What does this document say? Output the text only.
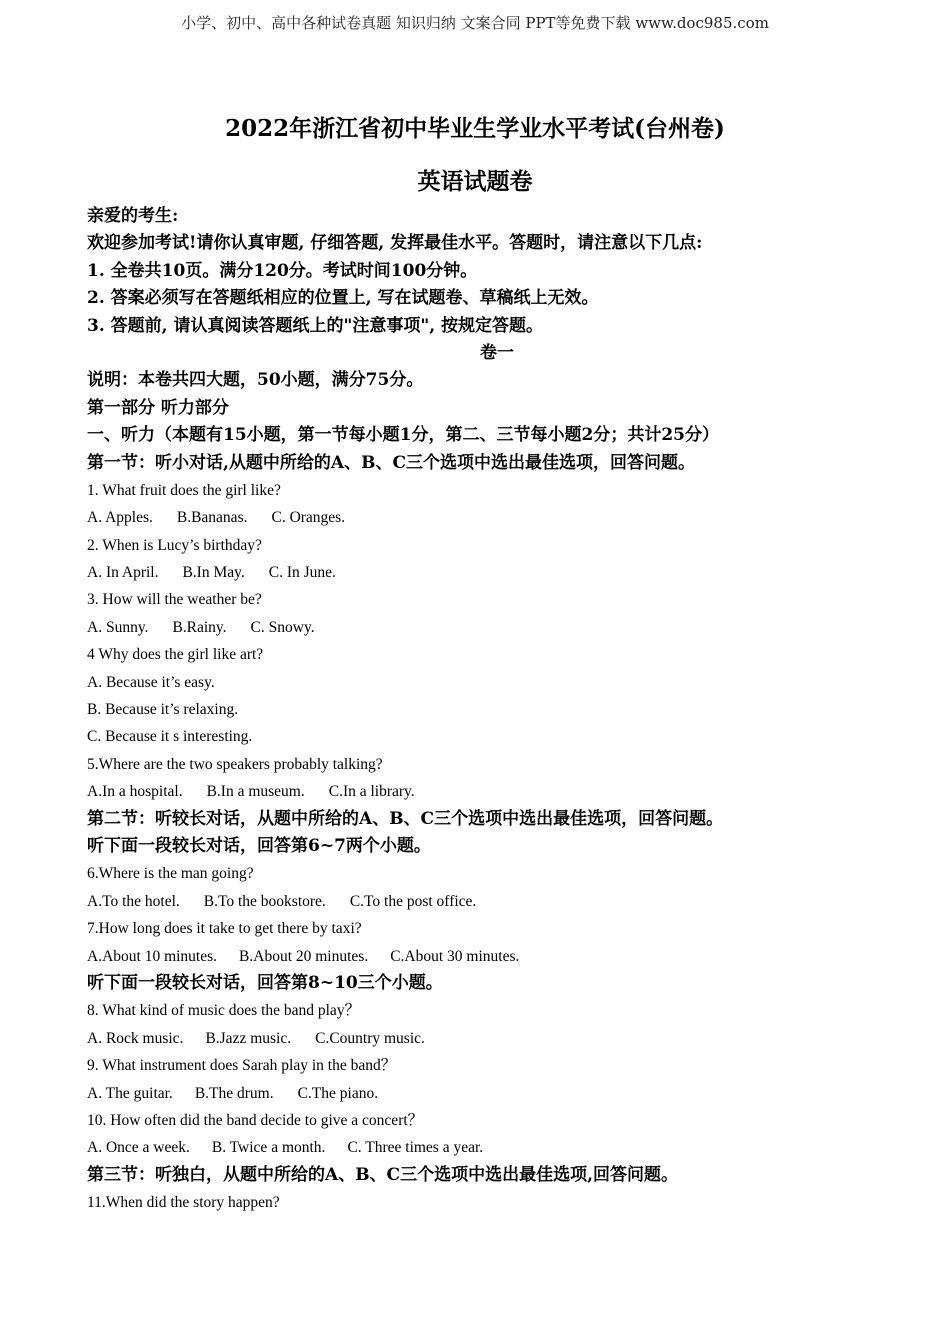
小学、初中、高中各种试卷真题 知识归纳 文案合同 PPT等免费下载 www.doc985.com
2022年浙江省初中毕业生学业水平考试(台州卷)
英语试题卷
亲爱的考生:
欢迎参加考试!请你认真审题, 仔细答题, 发挥最佳水平。答题时，请注意以下几点:
1. 全卷共10页。满分120分。考试时间100分钟。
2. 答案必须写在答题纸相应的位置上, 写在试题卷、草稿纸上无效。
3. 答题前, 请认真阅读答题纸上的"注意事项", 按规定答题。
卷一
说明：本卷共四大题，50小题，满分75分。
第一部分 听力部分
一、听力（本题有15小题，第一节每小题1分，第二、三节每小题2分；共计25分）
第一节：听小对话,从题中所给的A、B、C三个选项中选出最佳选项，回答问题。
1. What fruit does the girl like?
A. Apples. B.Bananas. C. Oranges.
2. When is Lucy’s birthday?
A. In April. B.In May. C. In June.
3. How will the weather be?
A. Sunny. B.Rainy. C. Snowy.
4 Why does the girl like art?
A. Because it’s easy.
B. Because it’s relaxing.
C. Because it s interesting.
5.Where are the two speakers probably talking?
A.In a hospital. B.In a museum. C.In a library.
第二节：听较长对话，从题中所给的A、B、C三个选项中选出最佳选项，回答问题。
听下面一段较长对话，回答第6~7两个小题。
6.Where is the man going?
A.To the hotel. B.To the bookstore. C.To the post office.
7.How long does it take to get there by taxi?
A.About 10 minutes. B.About 20 minutes. C.About 30 minutes.
听下面一段较长对话，回答第8~10三个小题。
8. What kind of music does the band play？
A. Rock music. B.Jazz music. C.Country music.
9. What instrument does Sarah play in the band？
A. The guitar. B.The drum. C.The piano.
10. How often did the band decide to give a concert？
A. Once a week. B. Twice a month. C. Three times a year.
第三节：听独白，从题中所给的A、B、C三个选项中选出最佳选项,回答问题。
11.When did the story happen?
